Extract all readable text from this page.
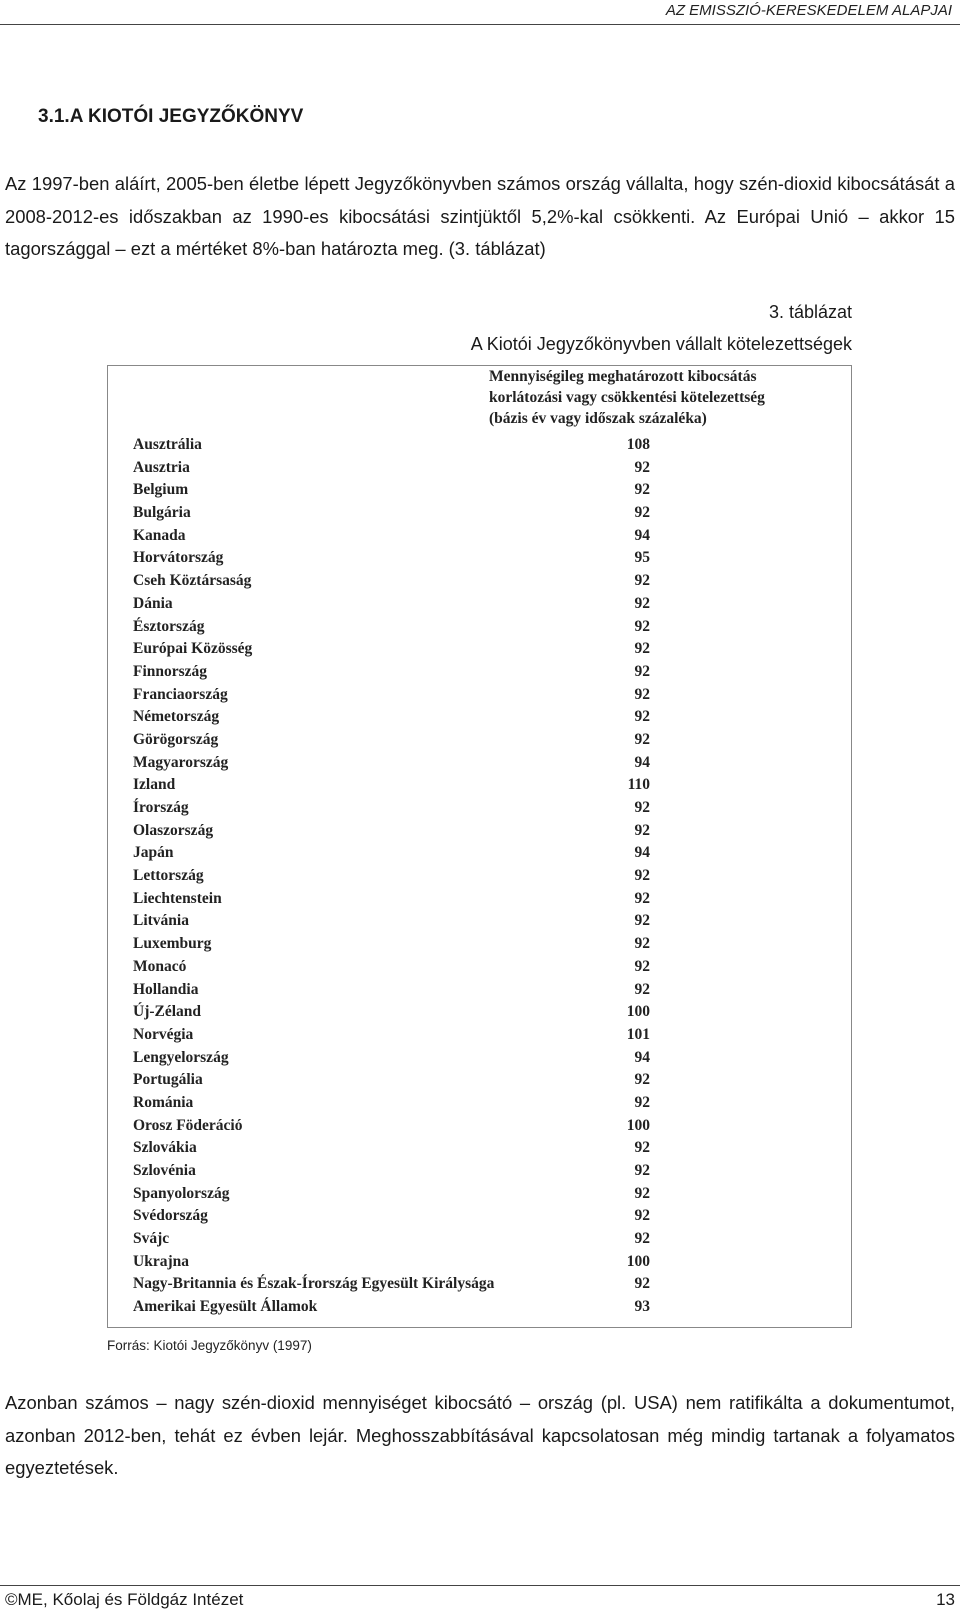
AZ EMISSZIÓ-KERESKEDELEM ALAPJAI
3.1.A KIOTÓI JEGYZŐKÖNYV

Az 1997-ben aláírt, 2005-ben életbe lépett Jegyzőkönyvben számos ország vállalta, hogy szén-dioxid kibocsátását a 2008-2012-es időszakban az 1990-es kibocsátási szintjüktől 5,2%-kal csökkenti. Az Európai Unió – akkor 15 tagországgal – ezt a mértéket 8%-ban határozta meg. (3. táblázat)

3. táblázat
A Kiotói Jegyzőkönyvben vállalt kötelezettségek
Mennyiségileg meghatározott kibocsátás
korlátozási vagy csökkentési kötelezettség
(bázis év vagy időszak százaléka)
Ausztrália	108
Ausztria	92
Belgium	92
Bulgária	92
Kanada	94
Horvátország	95
Cseh Köztársaság	92
Dánia	92
Észtország	92
Európai Közösség	92
Finnország	92
Franciaország	92
Németország	92
Görögország	92
Magyarország	94
Izland	110
Írország	92
Olaszország	92
Japán	94
Lettország	92
Liechtenstein	92
Litvánia	92
Luxemburg	92
Monacó	92
Hollandia	92
Új-Zéland	100
Norvégia	101
Lengyelország	94
Portugália	92
Románia	92
Orosz Föderáció	100
Szlovákia	92
Szlovénia	92
Spanyolország	92
Svédország	92
Svájc	92
Ukrajna	100
Nagy-Britannia és Észak-Írország Egyesült Királysága	92
Amerikai Egyesült Államok	93
Forrás: Kiotói Jegyzőkönyv (1997)

Azonban számos – nagy szén-dioxid mennyiséget kibocsátó – ország (pl. USA) nem ratifikálta a dokumentumot, azonban 2012-ben, tehát ez évben lejár. Meghosszabbításával kapcsolatosan még mindig tartanak a folyamatos egyeztetések.

©ME, Kőolaj és Földgáz Intézet	13
